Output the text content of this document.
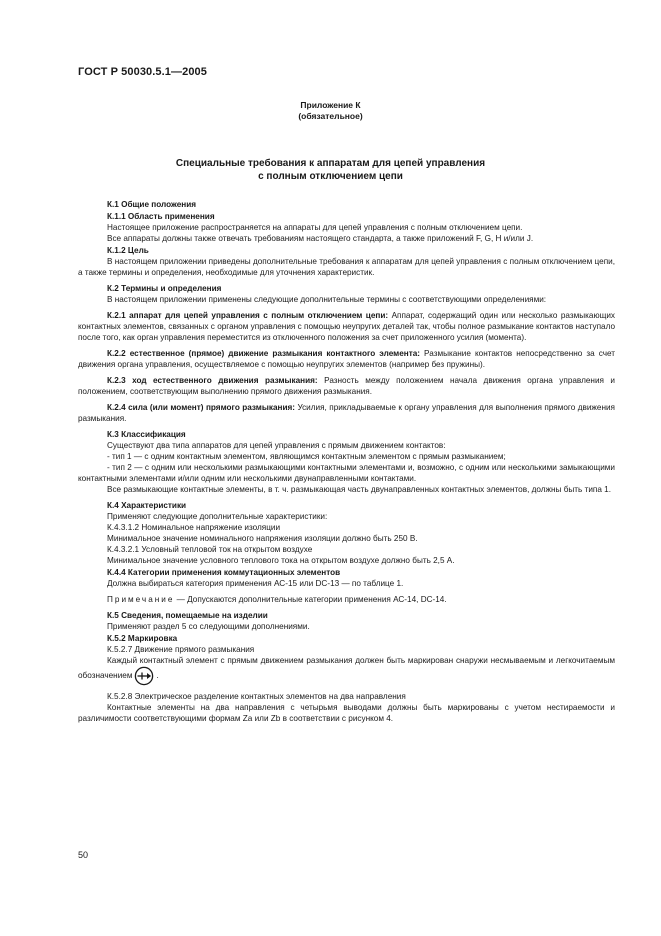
ГОСТ Р 50030.5.1—2005
Приложение К
(обязательное)
Специальные требования к аппаратам для цепей управления
с полным отключением цепи

К.1 Общие положения

К.1.1 Область применения

Настоящее приложение распространяется на аппараты для цепей управления с полным отключением цепи.

Все аппараты должны также отвечать требованиям настоящего стандарта, а также приложений F, G, H и/или J.

К.1.2 Цель

В настоящем приложении приведены дополнительные требования к аппаратам для цепей управления с полным отключением цепи, а также термины и определения, необходимые для уточнения характеристик.

К.2 Термины и определения

В настоящем приложении применены следующие дополнительные термины с соответствующими определениями:

К.2.1 аппарат для цепей управления с полным отключением цепи: Аппарат, содержащий один или несколько размыкающих контактных элементов, связанных с органом управления с помощью неупругих деталей так, чтобы полное размыкание контактов наступало после того, как орган управления переместится из отключенного положения за счет приложенного усилия (момента).

К.2.2 естественное (прямое) движение размыкания контактного элемента: Размыкание контактов непосредственно за счет движения органа управления, осуществляемое с помощью неупругих элементов (например без пружины).

К.2.3 ход естественного движения размыкания: Разность между положением начала движения органа управления и положением, соответствующим выполнению прямого движения размыкания.

К.2.4 сила (или момент) прямого размыкания: Усилия, прикладываемые к органу управления для выполнения прямого движения размыкания.

К.3 Классификация

Существуют два типа аппаратов для цепей управления с прямым движением контактов:

- тип 1 — с одним контактным элементом, являющимся контактным элементом с прямым размыканием;

- тип 2 — с одним или несколькими размыкающими контактными элементами и, возможно, с одним или несколькими замыкающими контактными элементами и/или одним или несколькими двунаправленными контактами.

Все размыкающие контактные элементы, в т. ч. размыкающая часть двунаправленных контактных элементов, должны быть типа 1.

К.4 Характеристики

Применяют следующие дополнительные характеристики:

К.4.3.1.2 Номинальное напряжение изоляции

Минимальное значение номинального напряжения изоляции должно быть 250 В.

К.4.3.2.1 Условный тепловой ток на открытом воздухе

Минимальное значение условного теплового тока на открытом воздухе должно быть 2,5 А.

К.4.4 Категории применения коммутационных элементов

Должна выбираться категория применения АС-15 или DC-13 — по таблице 1.

Примечание — Допускаются дополнительные категории применения АС-14, DC-14.

К.5 Сведения, помещаемые на изделии

Применяют раздел 5 со следующими дополнениями.

К.5.2 Маркировка

К.5.2.7 Движение прямого размыкания

Каждый контактный элемент с прямым движением размыкания должен быть маркирован снаружи несмываемым и легкочитаемым обозначением	.

К.5.2.8 Электрическое разделение контактных элементов на два направления

Контактные элементы на два направления с четырьмя выводами должны быть маркированы с учетом нестираемости и различимости соответствующими формам Za или Zb в соответствии с рисунком 4.

50
